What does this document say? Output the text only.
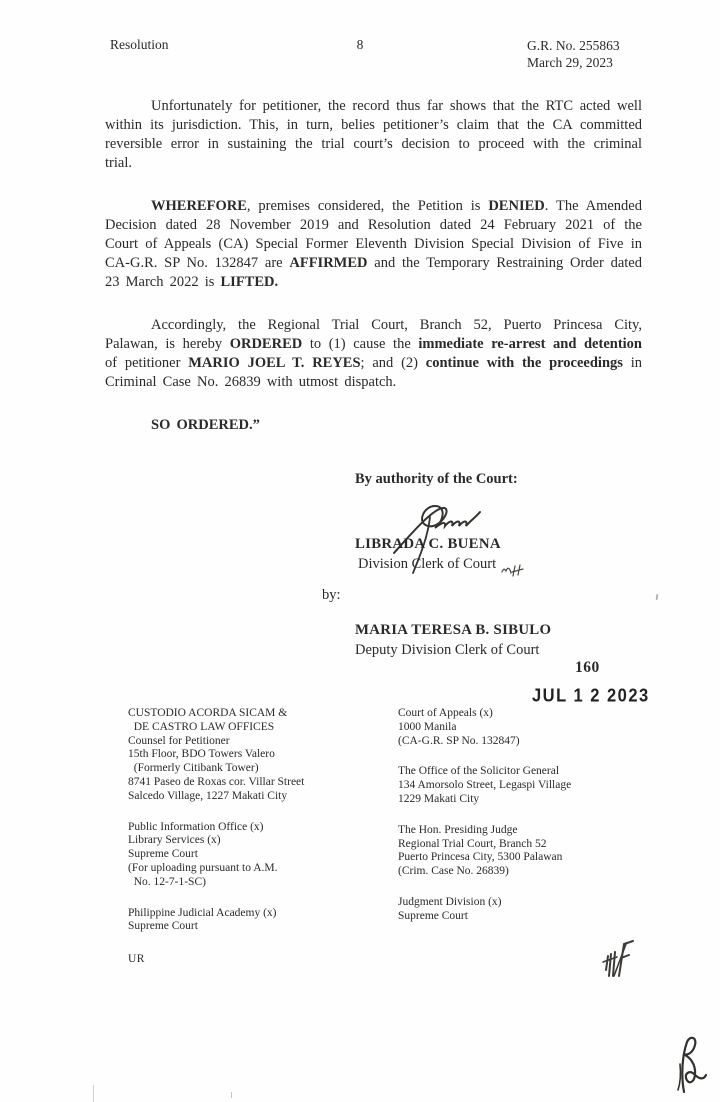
Resolution	8	G.R. No. 255863
March 29, 2023

Unfortunately for petitioner, the record thus far shows that the RTC acted well within its jurisdiction. This, in turn, belies petitioner’s claim that the CA committed reversible error in sustaining the trial court’s decision to proceed with the criminal trial.

WHEREFORE, premises considered, the Petition is DENIED. The Amended Decision dated 28 November 2019 and Resolution dated 24 February 2021 of the Court of Appeals (CA) Special Former Eleventh Division Special Division of Five in CA-G.R. SP No. 132847 are AFFIRMED and the Temporary Restraining Order dated 23 March 2022 is LIFTED.

Accordingly, the Regional Trial Court, Branch 52, Puerto Princesa City, Palawan, is hereby ORDERED to (1) cause the immediate re-arrest and detention of petitioner MARIO JOEL T. REYES; and (2) continue with the proceedings in Criminal Case No. 26839 with utmost dispatch.

SO ORDERED.”

By authority of the Court:
LIBRADA C. BUENA
Division Clerk of Court
by:
MARIA TERESA B. SIBULO
Deputy Division Clerk of Court
160
JUL 1 2 2023
CUSTODIO ACORDA SICAM &
DE CASTRO LAW OFFICES
Counsel for Petitioner
15th Floor, BDO Towers Valero
(Formerly Citibank Tower)
8741 Paseo de Roxas cor. Villar Street
Salcedo Village, 1227 Makati City
Public Information Office (x)
Library Services (x)
Supreme Court
(For uploading pursuant to A.M.
No. 12-7-1-SC)
Philippine Judicial Academy (x)
Supreme Court
Court of Appeals (x)
1000 Manila
(CA-G.R. SP No. 132847)
The Office of the Solicitor General
134 Amorsolo Street, Legaspi Village
1229 Makati City
The Hon. Presiding Judge
Regional Trial Court, Branch 52
Puerto Princesa City, 5300 Palawan
(Crim. Case No. 26839)
Judgment Division (x)
Supreme Court
UR
